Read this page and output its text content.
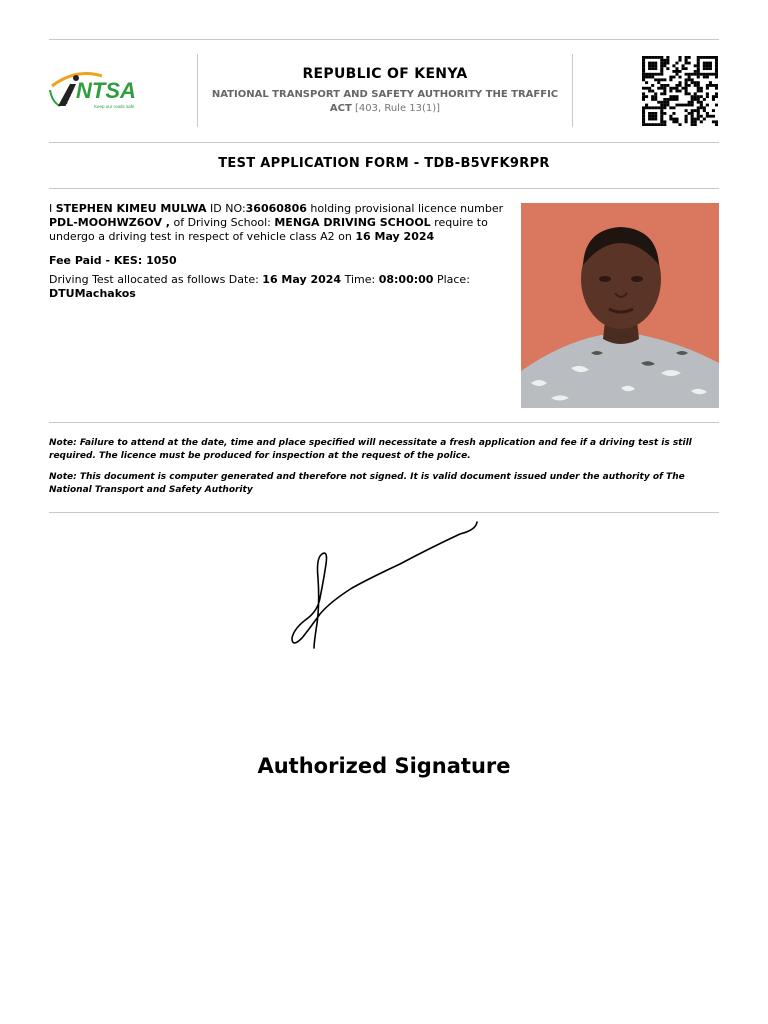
NTSA
Keep our roads safe
REPUBLIC OF KENYA
NATIONAL TRANSPORT AND SAFETY AUTHORITY THE TRAFFIC ACT [403, Rule 13(1)]
TEST APPLICATION FORM - TDB-B5VFK9RPR
I STEPHEN KIMEU MULWA ID NO:36060806 holding provisional licence number PDL-MOOHWZ6OV , of Driving School: MENGA DRIVING SCHOOL require to undergo a driving test in respect of vehicle class A2 on 16 May 2024
Fee Paid - KES: 1050
Driving Test allocated as follows Date: 16 May 2024 Time: 08:00:00 Place: DTUMachakos
Note: Failure to attend at the date, time and place specified will necessitate a fresh application and fee if a driving test is still required. The licence must be produced for inspection at the request of the police.
Note: This document is computer generated and therefore not signed. It is valid document issued under the authority of The National Transport and Safety Authority
Authorized Signature
